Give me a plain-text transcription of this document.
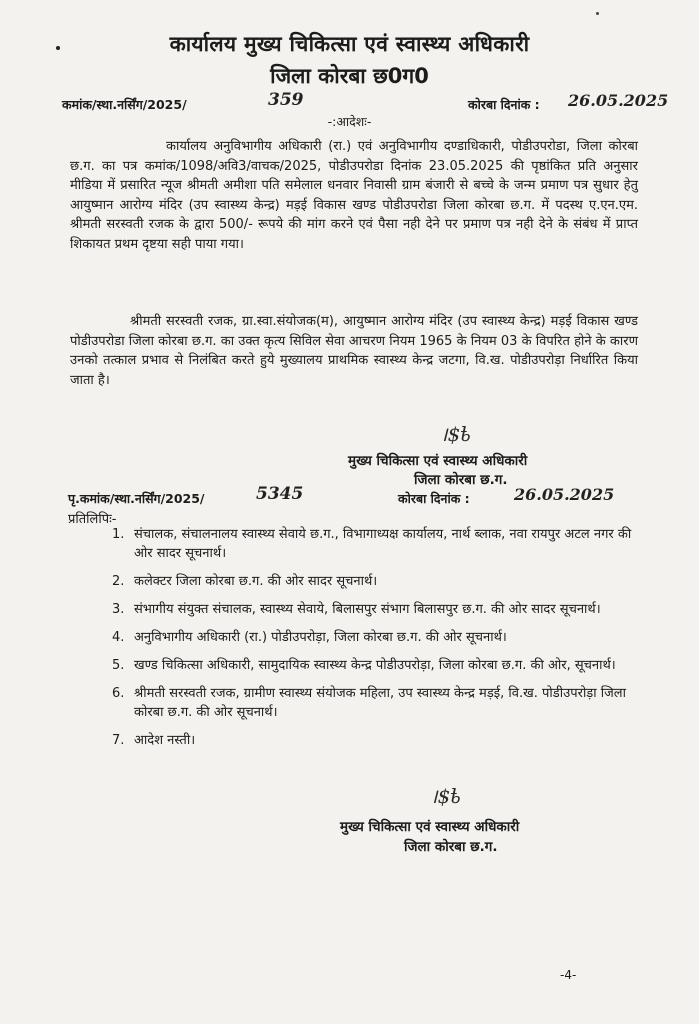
कार्यालय मुख्य चिकित्सा एवं स्वास्थ्य अधिकारी
जिला कोरबा छ0ग0
कमांक/स्था.नर्सिंग/2025/	359	कोरबा दिनांक : 26.05.2025
-:आदेशः-
कार्यालय अनुविभागीय अधिकारी (रा.) एवं अनुविभागीय दण्डाधिकारी, पोडीउपरोडा, जिला कोरबा छ.ग. का पत्र कमांक/1098/अवि3/वाचक/2025, पोडीउपरोडा दिनांक 23.05.2025 की पृष्ठांकित प्रति अनुसार मीडिया में प्रसारित न्यूज श्रीमती अमीशा पति समेलाल धनवार निवासी ग्राम बंजारी से बच्चे के जन्म प्रमाण पत्र सुधार हेतु आयुष्मान आरोग्य मंदिर (उप स्वास्थ्य केन्द्र) मड़ई विकास खण्ड पोडीउपरोडा जिला कोरबा छ.ग. में पदस्थ ए.एन.एम. श्रीमती सरस्वती रजक के द्वारा 500/- रूपये की मांग करने एवं पैसा नही देने पर प्रमाण पत्र नही देने के संबंध में प्राप्त शिकायत प्रथम दृष्टया सही पाया गया।
श्रीमती सरस्वती रजक, ग्रा.स्वा.संयोजक(म), आयुष्मान आरोग्य मंदिर (उप स्वास्थ्य केन्द्र) मड़ई विकास खण्ड पोडीउपरोडा जिला कोरबा छ.ग. का उक्त कृत्य सिविल सेवा आचरण नियम 1965 के नियम 03 के विपरित होने के कारण उनको तत्काल प्रभाव से निलंबित करते हुये मुख्यालय प्राथमिक स्वास्थ्य केन्द्र जटगा, वि.ख. पोडीउपरोड़ा निर्धारित किया जाता है।
।$ҍ
मुख्य चिकित्सा एवं स्वास्थ्य अधिकारी
जिला कोरबा छ.ग.
पृ.कमांक/स्था.नर्सिंग/2025/	5345	कोरबा दिनांक :	26.05.2025
प्रतिलिपिः-
1. संचालक, संचालनालय स्वास्थ्य सेवाये छ.ग., विभागाध्यक्ष कार्यालय, नार्थ ब्लाक, नवा रायपुर अटल नगर की ओर सादर सूचनार्थ।
2. कलेक्टर जिला कोरबा छ.ग. की ओर सादर सूचनार्थ।
3. संभागीय संयुक्त संचालक, स्वास्थ्य सेवाये, बिलासपुर संभाग बिलासपुर छ.ग. की ओर सादर सूचनार्थ।
4. अनुविभागीय अधिकारी (रा.) पोडीउपरोड़ा, जिला कोरबा छ.ग. की ओर सूचनार्थ।
5. खण्ड चिकित्सा अधिकारी, सामुदायिक स्वास्थ्य केन्द्र पोडीउपरोड़ा, जिला कोरबा छ.ग. की ओर, सूचनार्थ।
6. श्रीमती सरस्वती रजक, ग्रामीण स्वास्थ्य संयोजक महिला, उप स्वास्थ्य केन्द्र मड़ई, वि.ख. पोडीउपरोड़ा जिला कोरबा छ.ग. की ओर सूचनार्थ।
7. आदेश नस्ती।
।$ҍ
मुख्य चिकित्सा एवं स्वास्थ्य अधिकारी
जिला कोरबा छ.ग.
-4-
